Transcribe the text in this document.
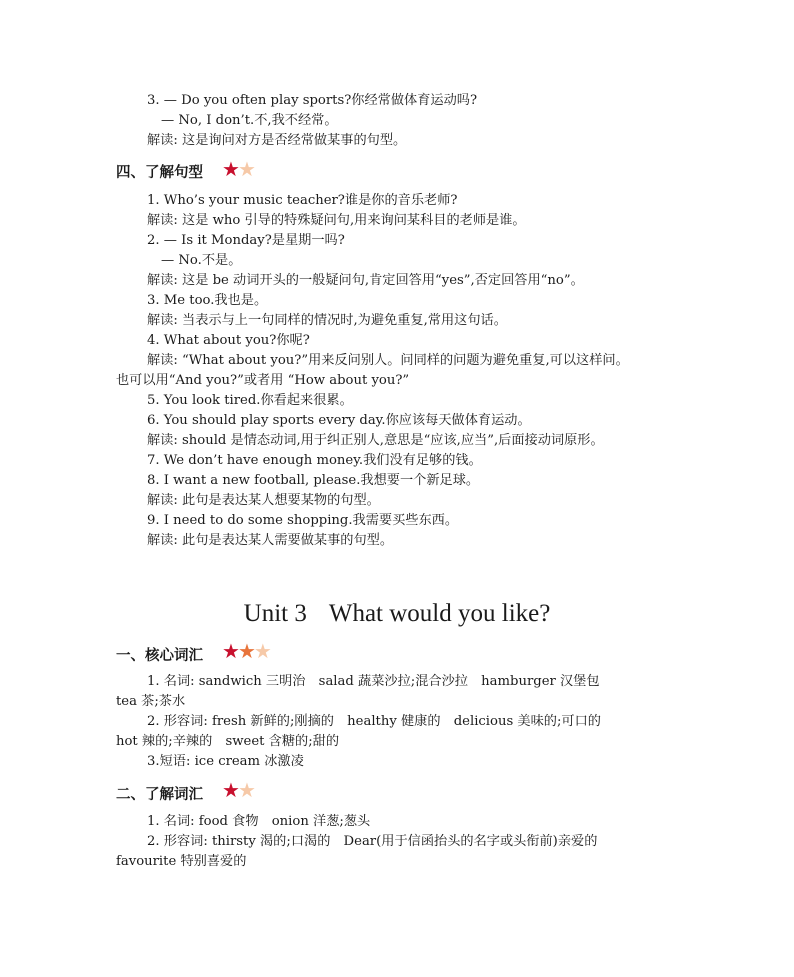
3. — Do you often play sports?你经常做体育运动吗?
— No, I don’t.不,我不经常。
解读: 这是询问对方是否经常做某事的句型。
四、了解句型 ★
★
1. Who’s your music teacher?谁是你的音乐老师?
解读: 这是 who 引导的特殊疑问句,用来询问某科目的老师是谁。
2. — Is it Monday?是星期一吗?
— No.不是。
解读: 这是 be 动词开头的一般疑问句,肯定回答用“yes”,否定回答用“no”。
3. Me too.我也是。
解读: 当表示与上一句同样的情况时,为避免重复,常用这句话。
4. What about you?你呢?
解读: “What about you?”用来反问别人。问同样的问题为避免重复,可以这样问。
也可以用“And you?”或者用 “How about you?”
5. You look tired.你看起来很累。
6. You should play sports every day.你应该每天做体育运动。
解读: should 是情态动词,用于纠正别人,意思是“应该,应当”,后面接动词原形。
7. We don’t have enough money.我们没有足够的钱。
8. I want a new football, please.我想要一个新足球。
解读: 此句是表达某人想要某物的句型。
9. I need to do some shopping.我需要买些东西。
解读: 此句是表达某人需要做某事的句型。
Unit 3 What would you like?
一、核心词汇 ★
★
★
1. 名词: sandwich 三明治　salad 蔬菜沙拉;混合沙拉　hamburger 汉堡包
tea 茶;茶水
2. 形容词: fresh 新鲜的;刚摘的　healthy 健康的　delicious 美味的;可口的
hot 辣的;辛辣的　sweet 含糖的;甜的
3.短语: ice cream 冰激凌
二、了解词汇 ★
★
1. 名词: food 食物　onion 洋葱;葱头
2. 形容词: thirsty 渴的;口渴的　Dear(用于信函抬头的名字或头衔前)亲爱的
favourite 特别喜爱的
